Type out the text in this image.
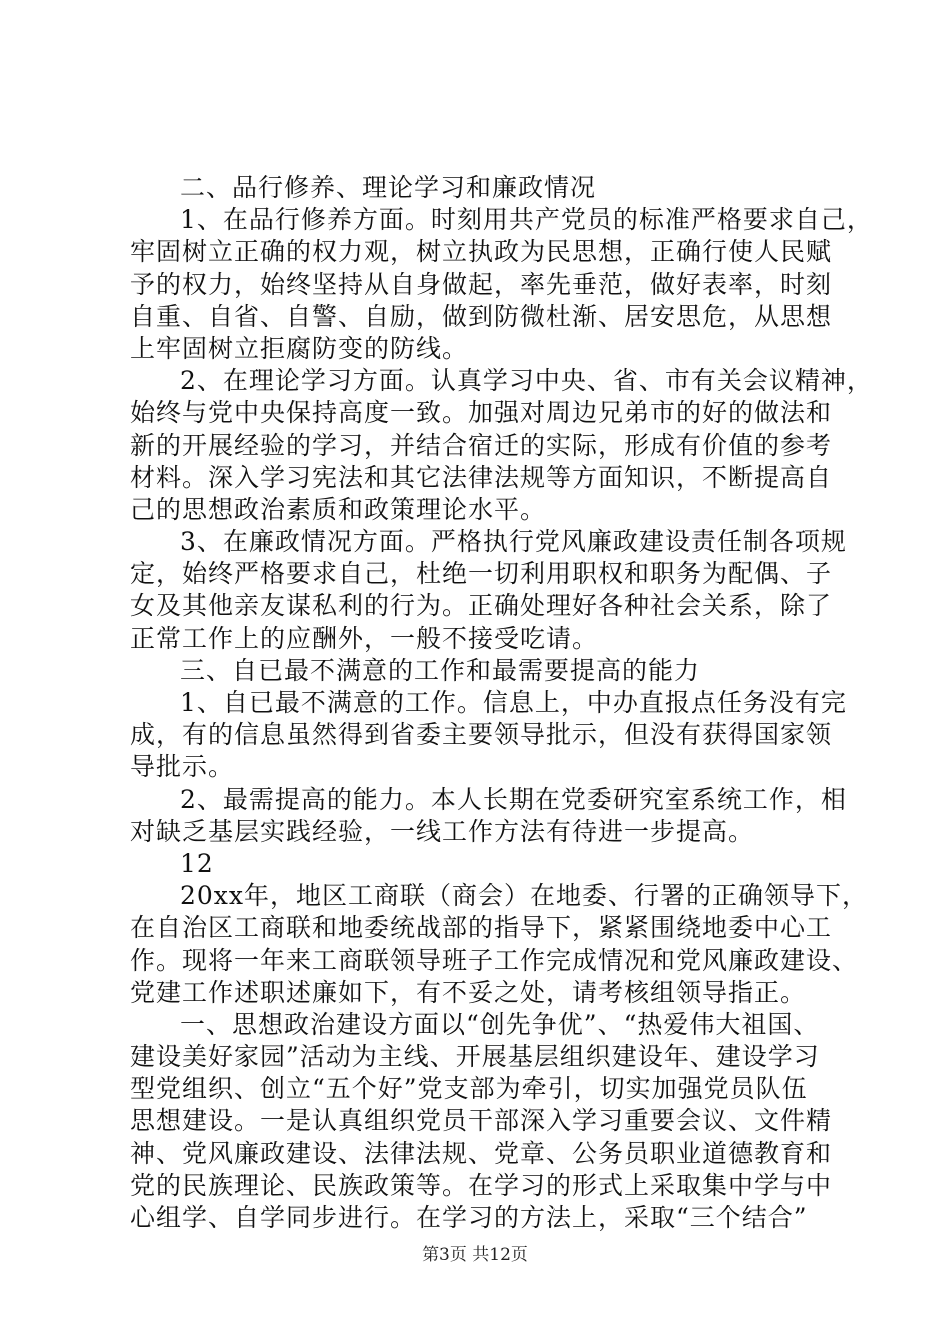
二、品行修养、理论学习和廉政情况
1、在品行修养方面。时刻用共产党员的标准严格要求自己，
牢固树立正确的权力观，树立执政为民思想，正确行使人民赋
予的权力，始终坚持从自身做起，率先垂范，做好表率，时刻
自重、自省、自警、自励，做到防微杜渐、居安思危，从思想
上牢固树立拒腐防变的防线。
2、在理论学习方面。认真学习中央、省、市有关会议精神，
始终与党中央保持高度一致。加强对周边兄弟市的好的做法和
新的开展经验的学习，并结合宿迁的实际，形成有价值的参考
材料。深入学习宪法和其它法律法规等方面知识，不断提高自
己的思想政治素质和政策理论水平。
3、在廉政情况方面。严格执行党风廉政建设责任制各项规
定，始终严格要求自己，杜绝一切利用职权和职务为配偶、子
女及其他亲友谋私利的行为。正确处理好各种社会关系，除了
正常工作上的应酬外，一般不接受吃请。
三、自已最不满意的工作和最需要提高的能力
1、自已最不满意的工作。信息上，中办直报点任务没有完
成，有的信息虽然得到省委主要领导批示，但没有获得国家领
导批示。
2、最需提高的能力。本人长期在党委研究室系统工作，相
对缺乏基层实践经验，一线工作方法有待进一步提高。
12
20xx年，地区工商联（商会）在地委、行署的正确领导下，
在自治区工商联和地委统战部的指导下，紧紧围绕地委中心工
作。现将一年来工商联领导班子工作完成情况和党风廉政建设、
党建工作述职述廉如下，有不妥之处，请考核组领导指正。
一、思想政治建设方面以“创先争优”、“热爱伟大祖国、
建设美好家园”活动为主线、开展基层组织建设年、建设学习
型党组织、创立“五个好”党支部为牵引，切实加强党员队伍
思想建设。一是认真组织党员干部深入学习重要会议、文件精
神、党风廉政建设、法律法规、党章、公务员职业道德教育和
党的民族理论、民族政策等。在学习的形式上采取集中学与中
心组学、自学同步进行。在学习的方法上，采取“三个结合”
第3页 共12页
